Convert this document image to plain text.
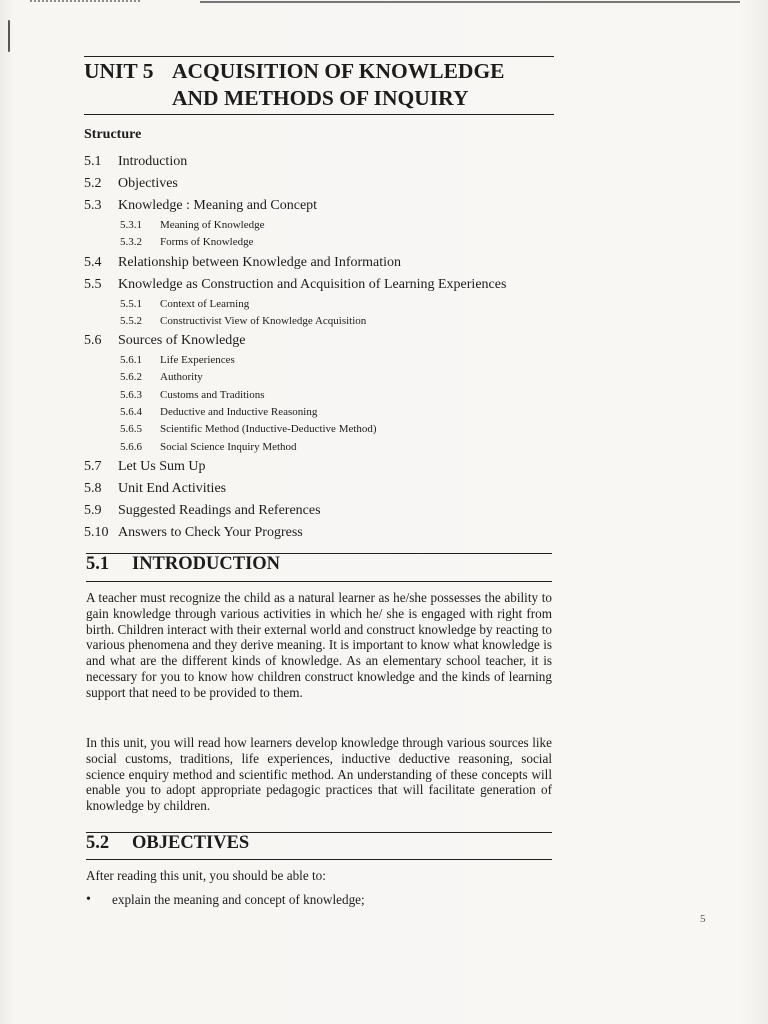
UNIT 5 ACQUISITION OF KNOWLEDGE
AND METHODS OF INQUIRY
Structure
5.1 Introduction
5.2 Objectives
5.3 Knowledge : Meaning and Concept
5.3.1 Meaning of Knowledge
5.3.2 Forms of Knowledge
5.4 Relationship between Knowledge and Information
5.5 Knowledge as Construction and Acquisition of Learning Experiences
5.5.1 Context of Learning
5.5.2 Constructivist View of Knowledge Acquisition
5.6 Sources of Knowledge
5.6.1 Life Experiences
5.6.2 Authority
5.6.3 Customs and Traditions
5.6.4 Deductive and Inductive Reasoning
5.6.5 Scientific Method (Inductive-Deductive Method)
5.6.6 Social Science Inquiry Method
5.7 Let Us Sum Up
5.8 Unit End Activities
5.9 Suggested Readings and References
5.10 Answers to Check Your Progress
5.1 INTRODUCTION
A teacher must recognize the child as a natural learner as he/she possesses the ability to gain knowledge through various activities in which he/ she is engaged with right from birth. Children interact with their external world and construct knowledge by reacting to various phenomena and they derive meaning. It is important to know what knowledge is and what are the different kinds of knowledge. As an elementary school teacher, it is necessary for you to know how children construct knowledge and the kinds of learning support that need to be provided to them.
In this unit, you will read how learners develop knowledge through various sources like social customs, traditions, life experiences, inductive deductive reasoning, social science enquiry method and scientific method. An understanding of these concepts will enable you to adopt appropriate pedagogic practices that will facilitate generation of knowledge by children.
5.2 OBJECTIVES
After reading this unit, you should be able to:
• explain the meaning and concept of knowledge;
5
